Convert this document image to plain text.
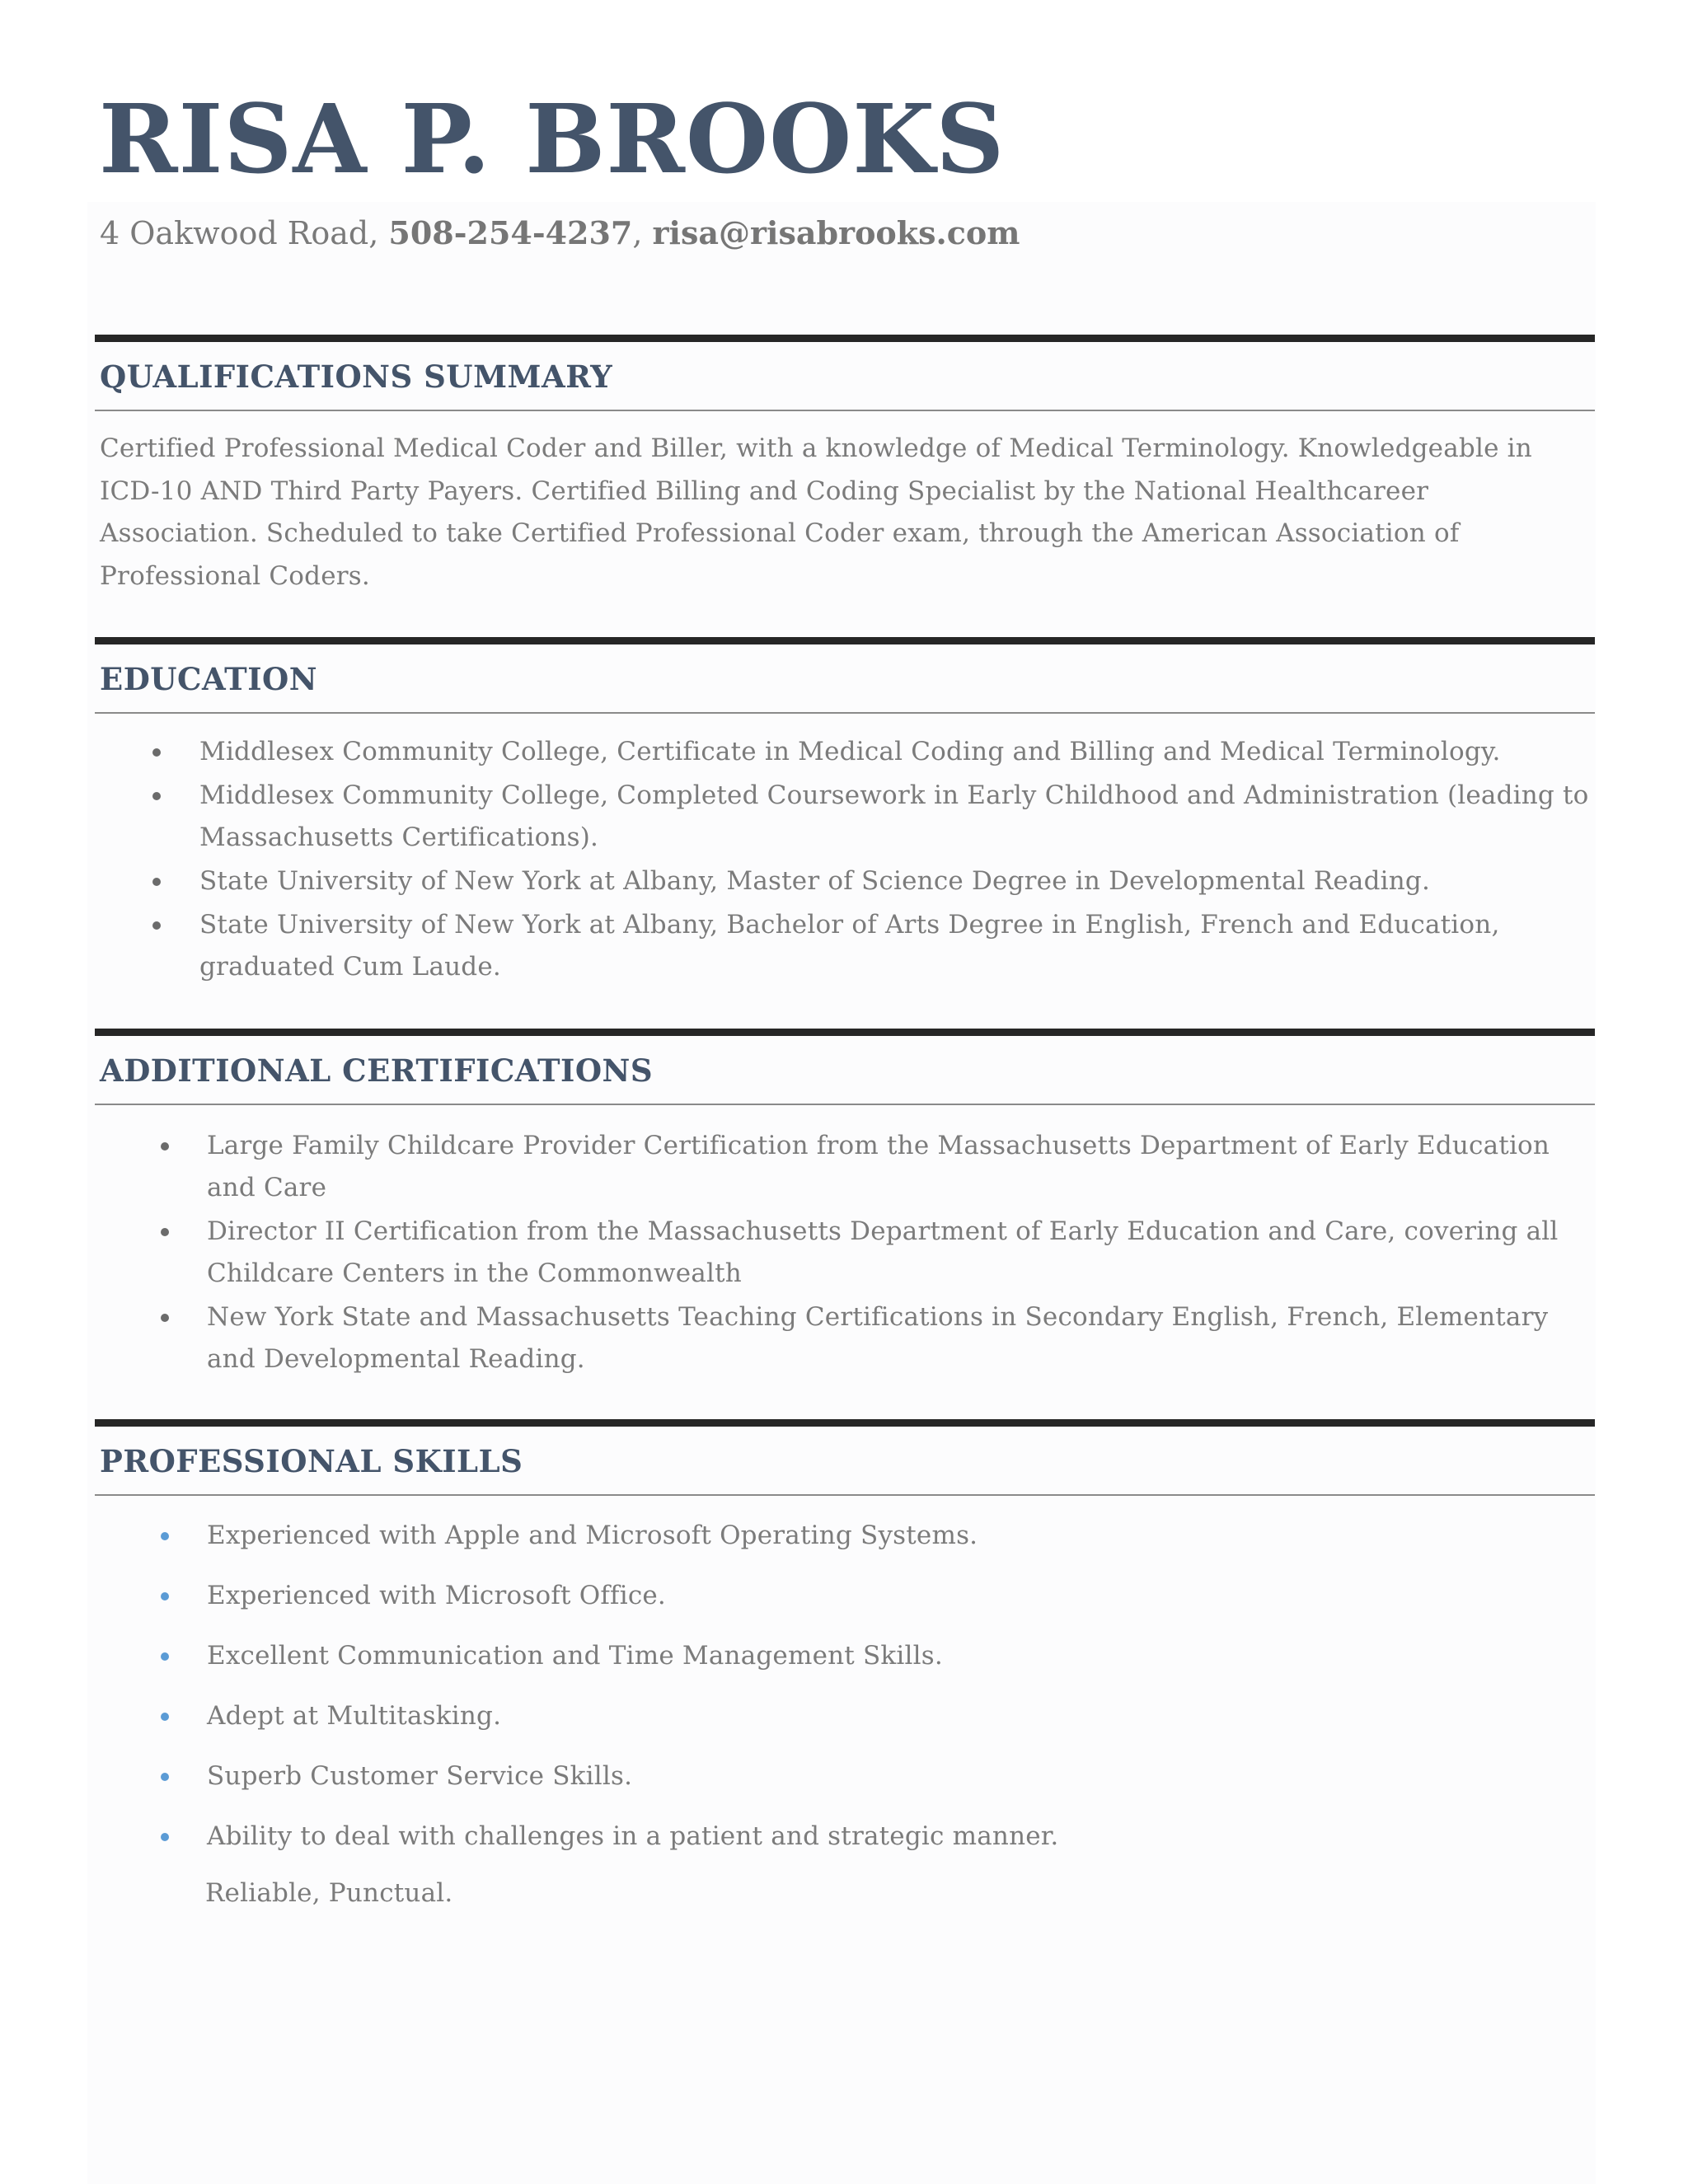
RISA P. BROOKS

4 Oakwood Road, 508-254-4237, risa@risabrooks.com

QUALIFICATIONS SUMMARY

Certified Professional Medical Coder and Biller, with a knowledge of Medical Terminology. Knowledgeable in ICD-10 AND Third Party Payers. Certified Billing and Coding Specialist by the National Healthcareer Association. Scheduled to take Certified Professional Coder exam, through the American Association of Professional Coders.

EDUCATION
Middlesex Community College, Certificate in Medical Coding and Billing and Medical Terminology.
Middlesex Community College, Completed Coursework in Early Childhood and Administration (leading to Massachusetts Certifications).
State University of New York at Albany, Master of Science Degree in Developmental Reading.
State University of New York at Albany, Bachelor of Arts Degree in English, French and Education, graduated Cum Laude.
ADDITIONAL CERTIFICATIONS
Large Family Childcare Provider Certification from the Massachusetts Department of Early Education and Care
Director II Certification from the Massachusetts Department of Early Education and Care, covering all Childcare Centers in the Commonwealth
New York State and Massachusetts Teaching Certifications in Secondary English, French, Elementary and Developmental Reading.
PROFESSIONAL SKILLS
Experienced with Apple and Microsoft Operating Systems.
Experienced with Microsoft Office.
Excellent Communication and Time Management Skills.
Adept at Multitasking.
Superb Customer Service Skills.
Ability to deal with challenges in a patient and strategic manner.
Reliable, Punctual.
